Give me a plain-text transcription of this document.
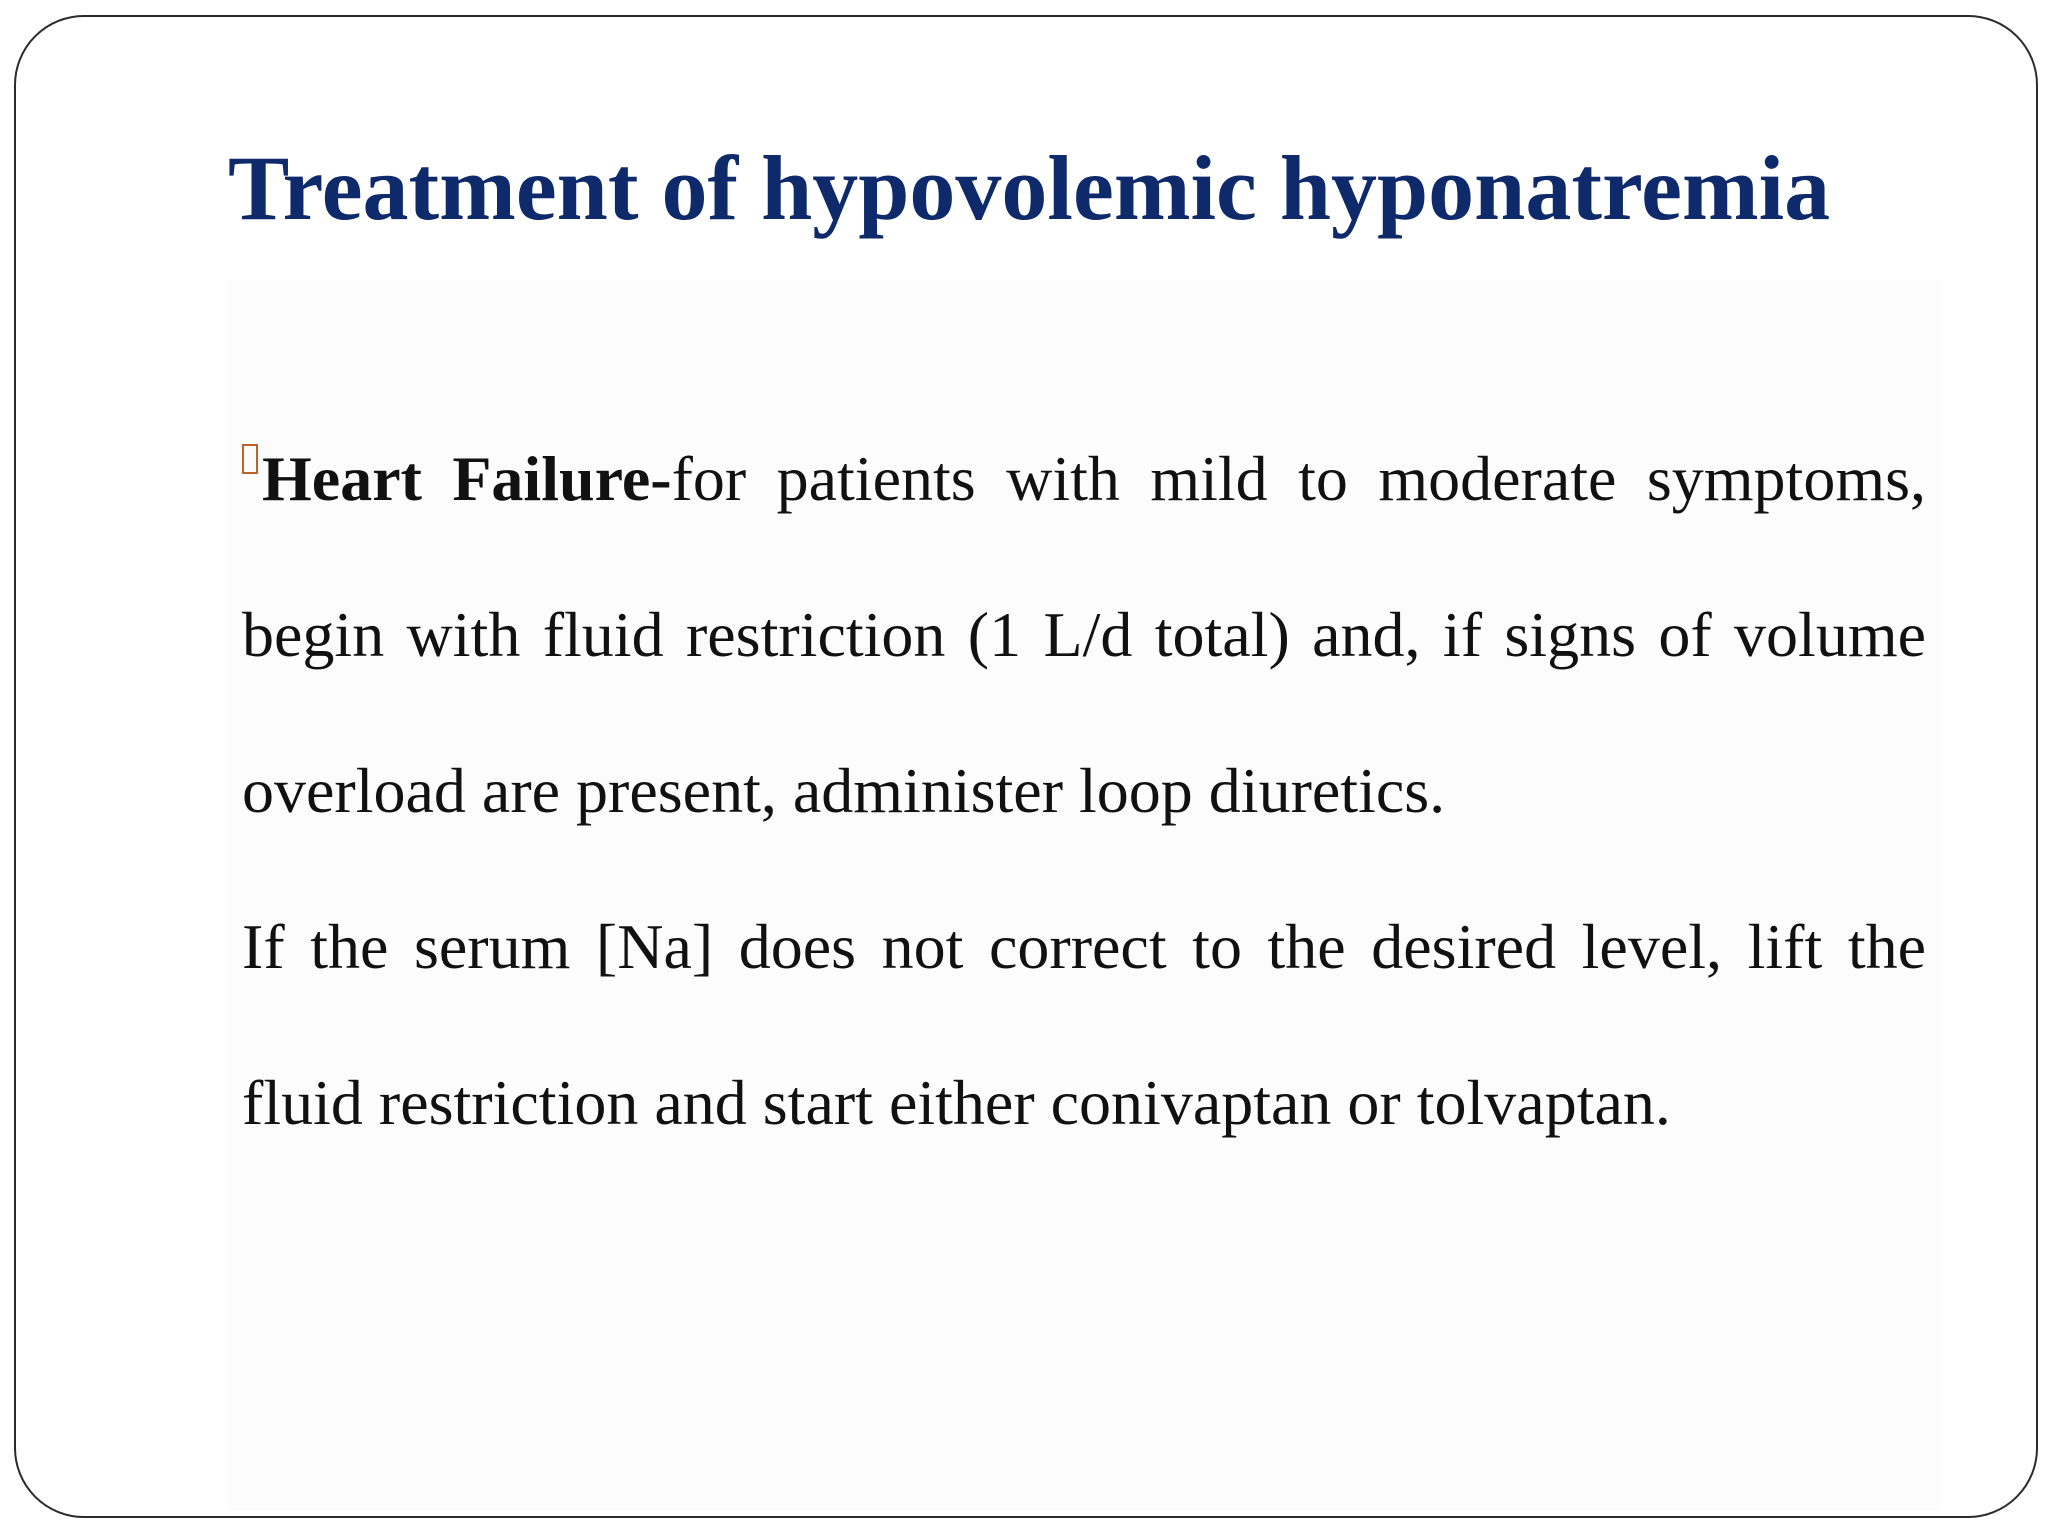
Treatment of hypovolemic hyponatremia

Heart Failure-for patients with mild to moderate symptoms, begin with fluid restriction (1 L/d total) and, if signs of volume overload are present, administer loop diuretics.

If the serum [Na] does not correct to the desired level, lift the fluid restriction and start either conivaptan or tolvaptan.
